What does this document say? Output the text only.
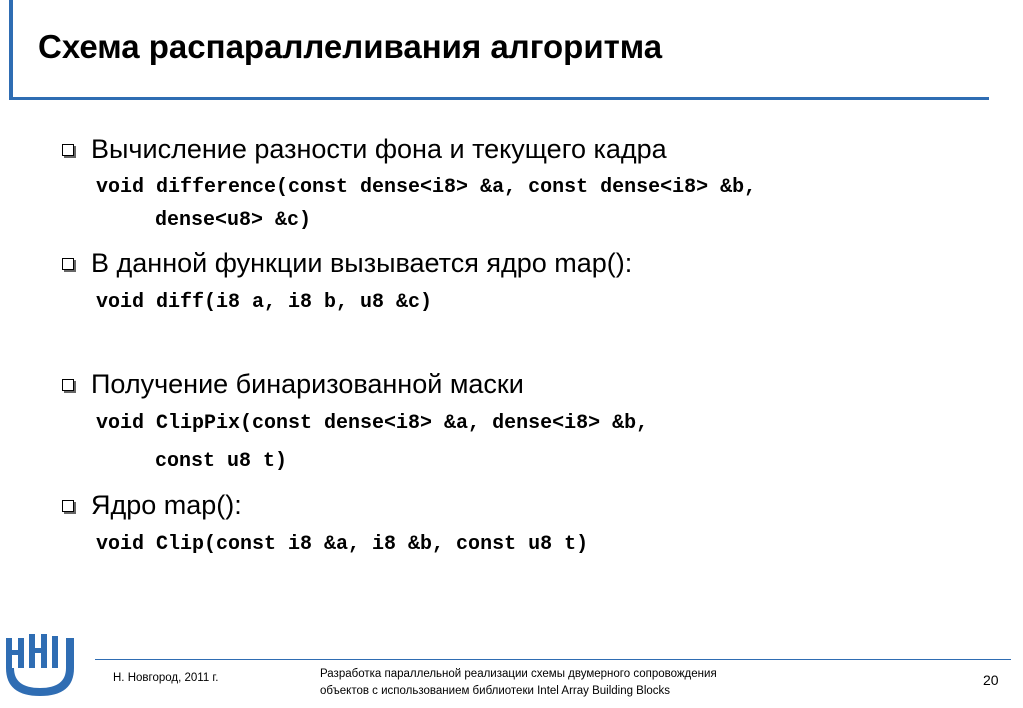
Схема распараллеливания алгоритма
Вычисление разности фона и текущего кадра
void difference(const dense<i8> &a, const dense<i8> &b,
dense<u8> &c)
В данной функции вызывается ядро map():
void diff(i8 a, i8 b, u8 &c)
Получение бинаризованной маски
void ClipPix(const dense<i8> &a, dense<i8> &b,
const u8 t)
Ядро map():
void Clip(const i8 &a, i8 &b, const u8 t)
Н. Новгород, 2011 г.	Разработка параллельной реализации схемы двумерного сопровождения
объектов с использованием библиотеки Intel Array Building Blocks
20
